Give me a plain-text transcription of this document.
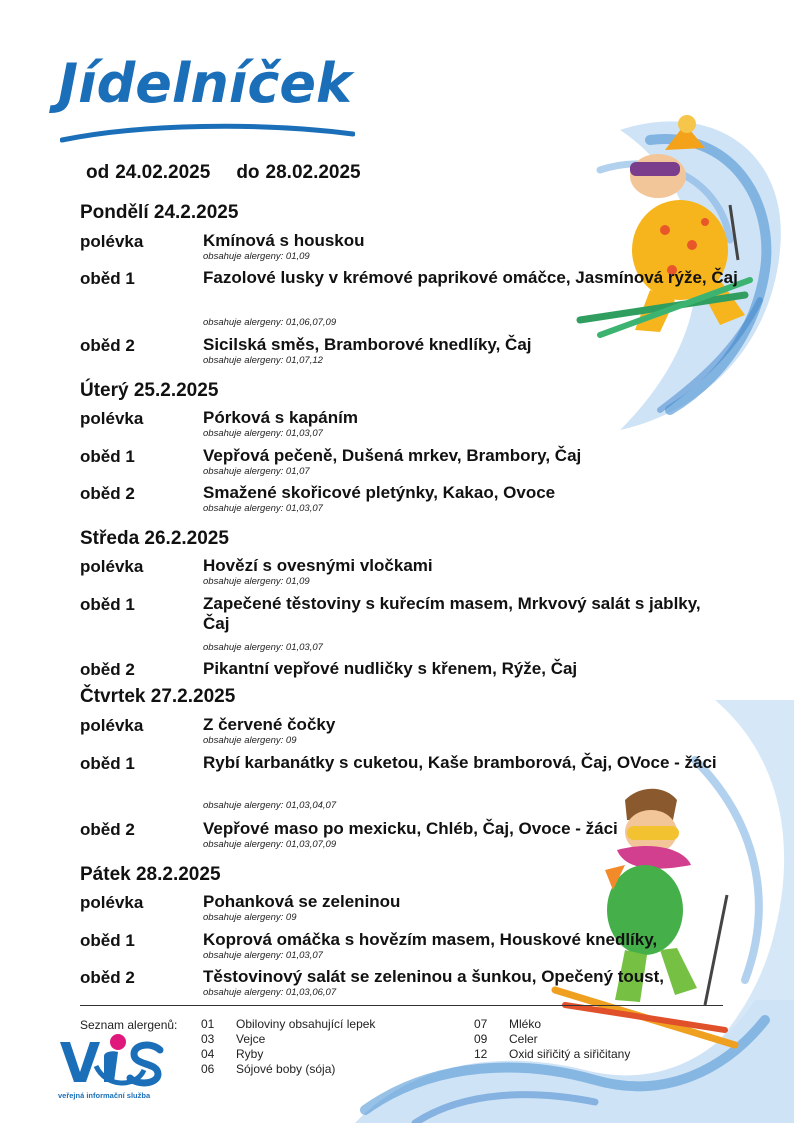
Jídelníček
od 24.02.2025 do 28.02.2025
Pondělí 24.2.2025
polévka	Kmínová s houskou
obsahuje alergeny: 01,09
oběd 1	Fazolové lusky v krémové paprikové omáčce, Jasmínová rýže, Čaj
obsahuje alergeny: 01,06,07,09
oběd 2	Sicilská směs, Bramborové knedlíky, Čaj
obsahuje alergeny: 01,07,12
Úterý 25.2.2025
polévka	Pórková s kapáním
obsahuje alergeny: 01,03,07
oběd 1	Vepřová pečeně, Dušená mrkev, Brambory, Čaj
obsahuje alergeny: 01,07
oběd 2	Smažené skořicové pletýnky, Kakao, Ovoce
obsahuje alergeny: 01,03,07
Středa 26.2.2025
polévka	Hovězí s ovesnými vločkami
obsahuje alergeny: 01,09
oběd 1	Zapečené těstoviny s kuřecím masem, Mrkvový salát s jablky, Čaj
obsahuje alergeny: 01,03,07
oběd 2	Pikantní vepřové nudličky s křenem, Rýže, Čaj
Čtvrtek 27.2.2025
polévka	Z červené čočky
obsahuje alergeny: 09
oběd 1	Rybí karbanátky s cuketou, Kaše bramborová, Čaj, OVoce - žáci
obsahuje alergeny: 01,03,04,07
oběd 2	Vepřové maso po mexicku, Chléb, Čaj, Ovoce - žáci
obsahuje alergeny: 01,03,07,09
Pátek 28.2.2025
polévka	Pohanková se zeleninou
obsahuje alergeny: 09
oběd 1	Koprová omáčka s hovězím masem, Houskové knedlíky,
obsahuje alergeny: 01,03,07
oběd 2	Těstovinový salát se zeleninou a šunkou, Opečený toust,
obsahuje alergeny: 01,03,06,07
Seznam alergenů: 01 Obiloviny obsahující lepek
03 Vejce
04 Ryby
06 Sójové boby (sója)
07 Mléko
09 Celer
12 Oxid siřičitý a siřičitany
veřejná informační služba
